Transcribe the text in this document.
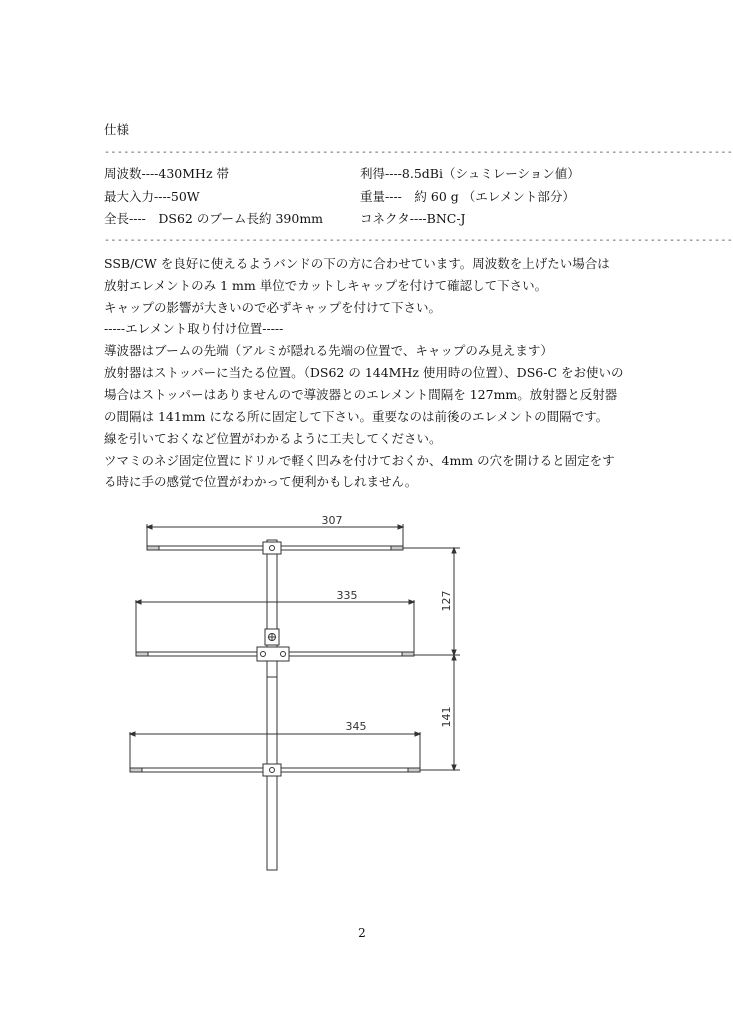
仕様
--------------------------------------------------------------------------------------------------
周波数----430MHz 帯
最大入力----50W
全長----　DS62 のブーム長約 390mm
利得----8.5dBi（シュミレーション値）
重量----　約 60 g （エレメント部分）
コネクタ----BNC-J
--------------------------------------------------------------------------------------------------
SSB/CW を良好に使えるようバンドの下の方に合わせています。周波数を上げたい場合は
放射エレメントのみ 1 mm 単位でカットしキャップを付けて確認して下さい。
キャップの影響が大きいので必ずキャップを付けて下さい。
-----エレメント取り付け位置-----
導波器はブームの先端（アルミが隠れる先端の位置で、キャップのみ見えます）
放射器はストッパーに当たる位置。（DS62 の 144MHz 使用時の位置）、DS6-C をお使いの
場合はストッパーはありませんので導波器とのエレメント間隔を 127mm。放射器と反射器
の間隔は 141mm になる所に固定して下さい。重要なのは前後のエレメントの間隔です。
線を引いておくなど位置がわかるように工夫してください。
ツマミのネジ固定位置にドリルで軽く凹みを付けておくか、4mm の穴を開けると固定をす
る時に手の感覚で位置がわかって便利かもしれません。
307
335
345
127
141
2
